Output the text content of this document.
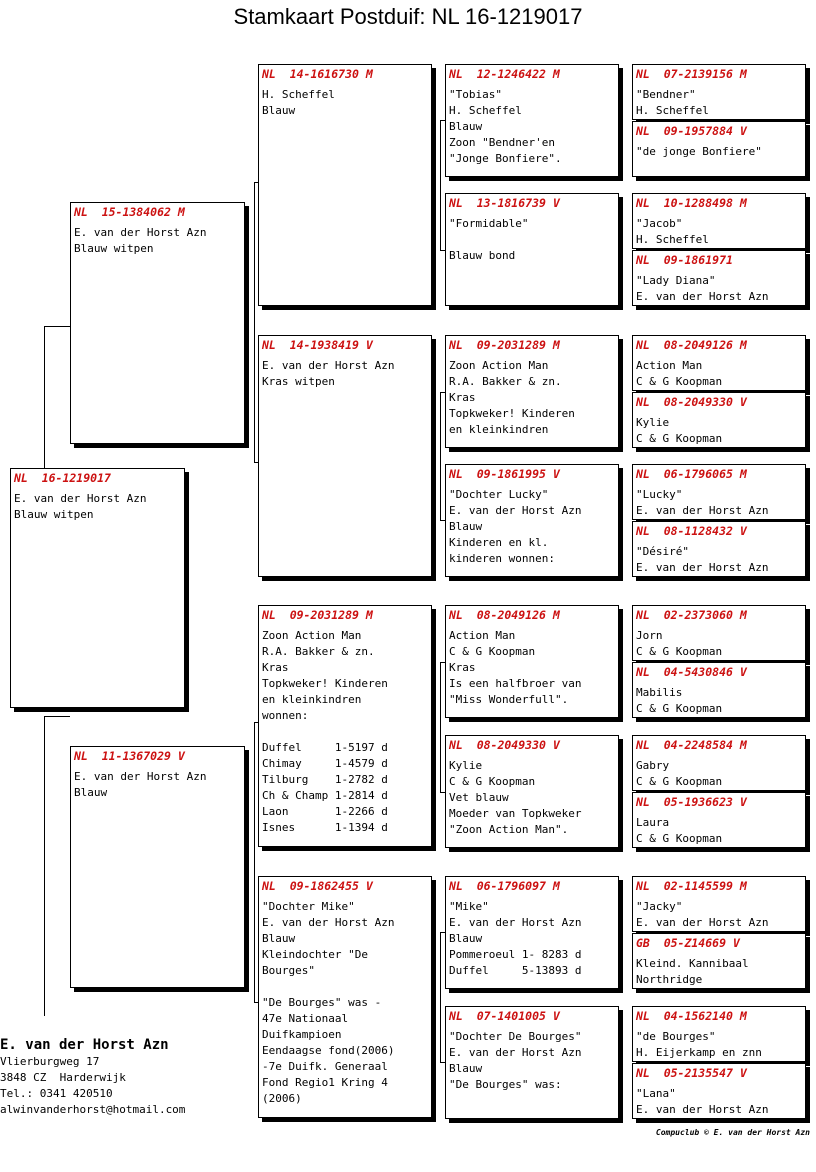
Stamkaart Postduif: NL 16-1219017
NL  16-1219017
E. van der Horst Azn
Blauw witpen
NL  15-1384062 M
E. van der Horst Azn
Blauw witpen
NL  11-1367029 V
E. van der Horst Azn
Blauw
NL  14-1616730 M
H. Scheffel
Blauw
NL  14-1938419 V
E. van der Horst Azn
Kras witpen
NL  09-2031289 M
Zoon Action Man
R.A. Bakker & zn.
Kras
Topkweker! Kinderen
en kleinkindren
wonnen:
Duffel     1-5197 d
Chimay     1-4579 d
Tilburg    1-2782 d
Ch & Champ 1-2814 d
Laon       1-2266 d
Isnes      1-1394 d
NL  09-1862455 V
"Dochter Mike"
E. van der Horst Azn
Blauw
Kleindochter "De
Bourges"
"De Bourges" was -
47e Nationaal
Duifkampioen
Eendaagse fond(2006)
-7e Duifk. Generaal
Fond Regio1 Kring 4
(2006)
NL  12-1246422 M
"Tobias"
H. Scheffel
Blauw
Zoon "Bendner'en
"Jonge Bonfiere".
NL  13-1816739 V
"Formidable"
Blauw bond
NL  09-2031289 M
Zoon Action Man
R.A. Bakker & zn.
Kras
Topkweker! Kinderen
en kleinkindren
NL  09-1861995 V
"Dochter Lucky"
E. van der Horst Azn
Blauw
Kinderen en kl.
kinderen wonnen:
NL  08-2049126 M
Action Man
C & G Koopman
Kras
Is een halfbroer van
"Miss Wonderfull".
NL  08-2049330 V
Kylie
C & G Koopman
Vet blauw
Moeder van Topkweker
"Zoon Action Man".
NL  06-1796097 M
"Mike"
E. van der Horst Azn
Blauw
Pommeroeul 1- 8283 d
Duffel     5-13893 d
NL  07-1401005 V
"Dochter De Bourges"
E. van der Horst Azn
Blauw
"De Bourges" was:
NL  07-2139156 M
"Bendner"
H. Scheffel
NL  09-1957884 V
"de jonge Bonfiere"
NL  10-1288498 M
"Jacob"
H. Scheffel
NL  09-1861971
"Lady Diana"
E. van der Horst Azn
NL  08-2049126 M
Action Man
C & G Koopman
NL  08-2049330 V
Kylie
C & G Koopman
NL  06-1796065 M
"Lucky"
E. van der Horst Azn
NL  08-1128432 V
"Désiré"
E. van der Horst Azn
NL  02-2373060 M
Jorn
C & G Koopman
NL  04-5430846 V
Mabilis
C & G Koopman
NL  04-2248584 M
Gabry
C & G Koopman
NL  05-1936623 V
Laura
C & G Koopman
NL  02-1145599 M
"Jacky"
E. van der Horst Azn
GB  05-Z14669 V
Kleind. Kannibaal
Northridge
NL  04-1562140 M
"de Bourges"
H. Eijerkamp en znn
NL  05-2135547 V
"Lana"
E. van der Horst Azn
E. van der Horst Azn
Vlierburgweg 17
3848 CZ  Harderwijk
Tel.: 0341 420510
alwinvanderhorst@hotmail.com
Compuclub © E. van der Horst Azn
